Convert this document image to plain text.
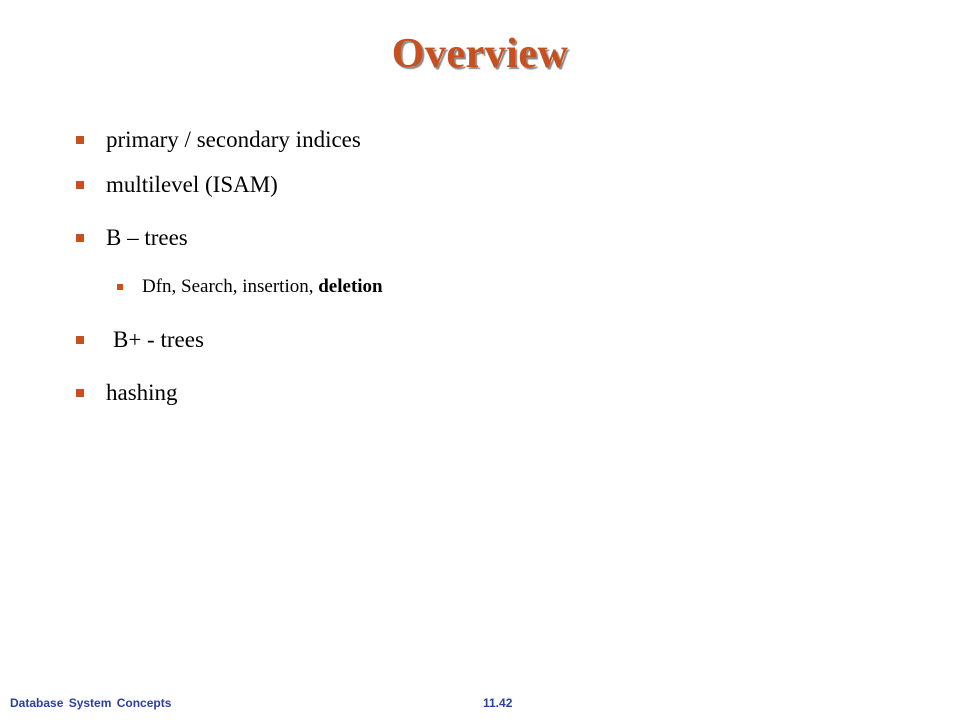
Overview
primary / secondary indices
multilevel (ISAM)
B – trees
Dfn, Search, insertion, deletion
B+ - trees
hashing
Database System Concepts	11.42
